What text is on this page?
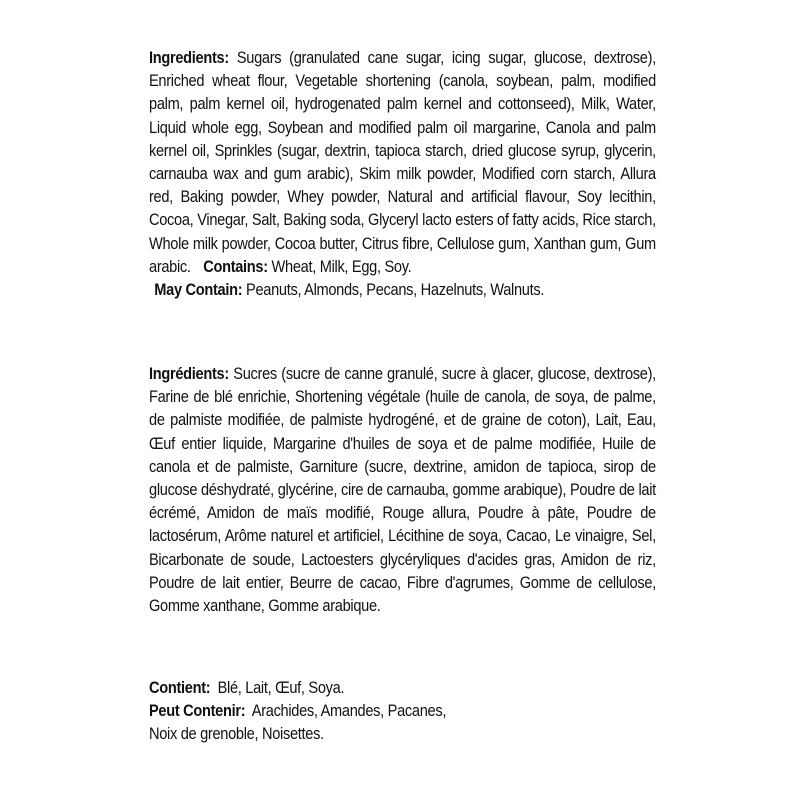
Ingredients: Sugars (granulated cane sugar, icing sugar, glucose, dextrose), Enriched wheat flour, Vegetable shortening (canola, soybean, palm, modified palm, palm kernel oil, hydrogenated palm kernel and cottonseed), Milk, Water, Liquid whole egg, Soybean and modified palm oil margarine, Canola and palm kernel oil, Sprinkles (sugar, dextrin, tapioca starch, dried glucose syrup, glycerin, carnauba wax and gum arabic), Skim milk powder, Modified corn starch, Allura red, Baking powder, Whey powder, Natural and artificial flavour, Soy lecithin, Cocoa, Vinegar, Salt, Baking soda, Glyceryl lacto esters of fatty acids, Rice starch, Whole milk powder, Cocoa butter, Citrus fibre, Cellulose gum, Xanthan gum, Gum arabic. Contains: Wheat, Milk, Egg, Soy.

May Contain: Peanuts, Almonds, Pecans, Hazelnuts, Walnuts.

Ingrédients: Sucres (sucre de canne granulé, sucre à glacer, glucose, dextrose), Farine de blé enrichie, Shortening végétale (huile de canola, de soya, de palme, de palmiste modifiée, de palmiste hydrogéné, et de graine de coton), Lait, Eau, Œuf entier liquide, Margarine d'huiles de soya et de palme modifiée, Huile de canola et de palmiste, Garniture (sucre, dextrine, amidon de tapioca, sirop de glucose déshydraté, glycérine, cire de carnauba, gomme arabique), Poudre de lait écrémé, Amidon de maïs modifié, Rouge allura, Poudre à pâte, Poudre de lactosérum, Arôme naturel et artificiel, Lécithine de soya, Cacao, Le vinaigre, Sel, Bicarbonate de soude, Lactoesters glycéryliques d'acides gras, Amidon de riz, Poudre de lait entier, Beurre de cacao, Fibre d'agrumes, Gomme de cellulose, Gomme xanthane, Gomme arabique.

Contient: Blé, Lait, Œuf, Soya.

Peut Contenir: Arachides, Amandes, Pacanes,

Noix de grenoble, Noisettes.
